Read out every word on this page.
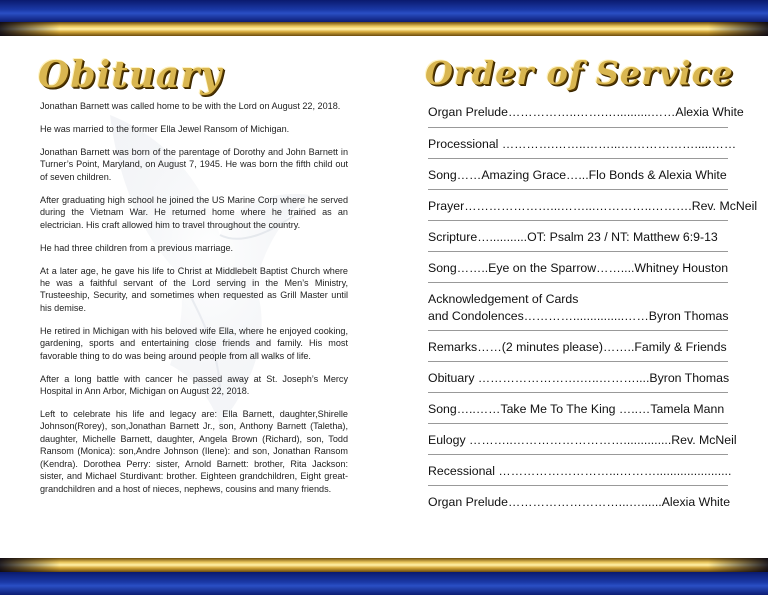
Obituary	Order of Service

Jonathan Barnett was called home to be with the Lord on August 22, 2018.

He was married to the former Ella Jewel Ransom of Michigan.

Jonathan Barnett was born of the parentage of Dorothy and John Barnett in Turner’s Point, Maryland, on August 7, 1945. He was born the fifth child out of seven children.

After graduating high school he joined the US Marine Corp where he served during the Vietnam War. He returned home where he trained as an electrician. His craft allowed him to travel throughout the country.

He had three children from a previous marriage.

At a later age, he gave his life to Christ at Middlebelt Baptist Church where he was a faithful servant of the Lord serving in the Men’s Ministry, Trusteeship, Security, and sometimes when requested as Grill Master until his demise.

He retired in Michigan with his beloved wife Ella, where he enjoyed cooking, gardening, sports and entertaining close friends and family. His most favorable thing to do was being around people from all walks of life.

After a long battle with cancer he passed away at St. Joseph’s Mercy Hospital in Ann Arbor, Michigan on August 22, 2018.

Left to celebrate his life and legacy are: Ella Barnett, daughter,Shirelle Johnson(Rorey), son,Jonathan Barnett Jr., son, Anthony Barnett (Taletha), daughter, Michelle Barnett, daughter, Angela Brown (Richard), son, Todd Ransom (Monica): son,Andre Johnson (Ilene): and son, Jonathan Ransom (Kendra). Dorothea Perry: sister, Arnold Barnett: brother, Rita Jackson: sister, and Michael Sturdivant: brother. Eighteen grandchildren, Eight great-grandchildren and a host of nieces, nephews, cousins and many friends.

Organ Prelude……………..…….…..........……Alexia White
Processional ………….……..……...……………….....……
Song……Amazing Grace…...Flo Bonds & Alexia White
Prayer…………………...……...…………..……….Rev. McNeil
Scripture…...........OT: Psalm 23 / NT: Matthew 6:9-13
Song……..Eye on the Sparrow……....Whitney Houston
Acknowledgement of Cards
and Condolences…………...............……Byron Thomas
Remarks……(2 minutes please)……..Family & Friends
Obituary …………………….…..………....Byron Thomas
Song…..……Take Me To The King …..…Tamela Mann
Eulogy ………..………………………..............Rev. McNeil
Recessional ………………………...………......................
Organ Prelude………………………...…......Alexia White
